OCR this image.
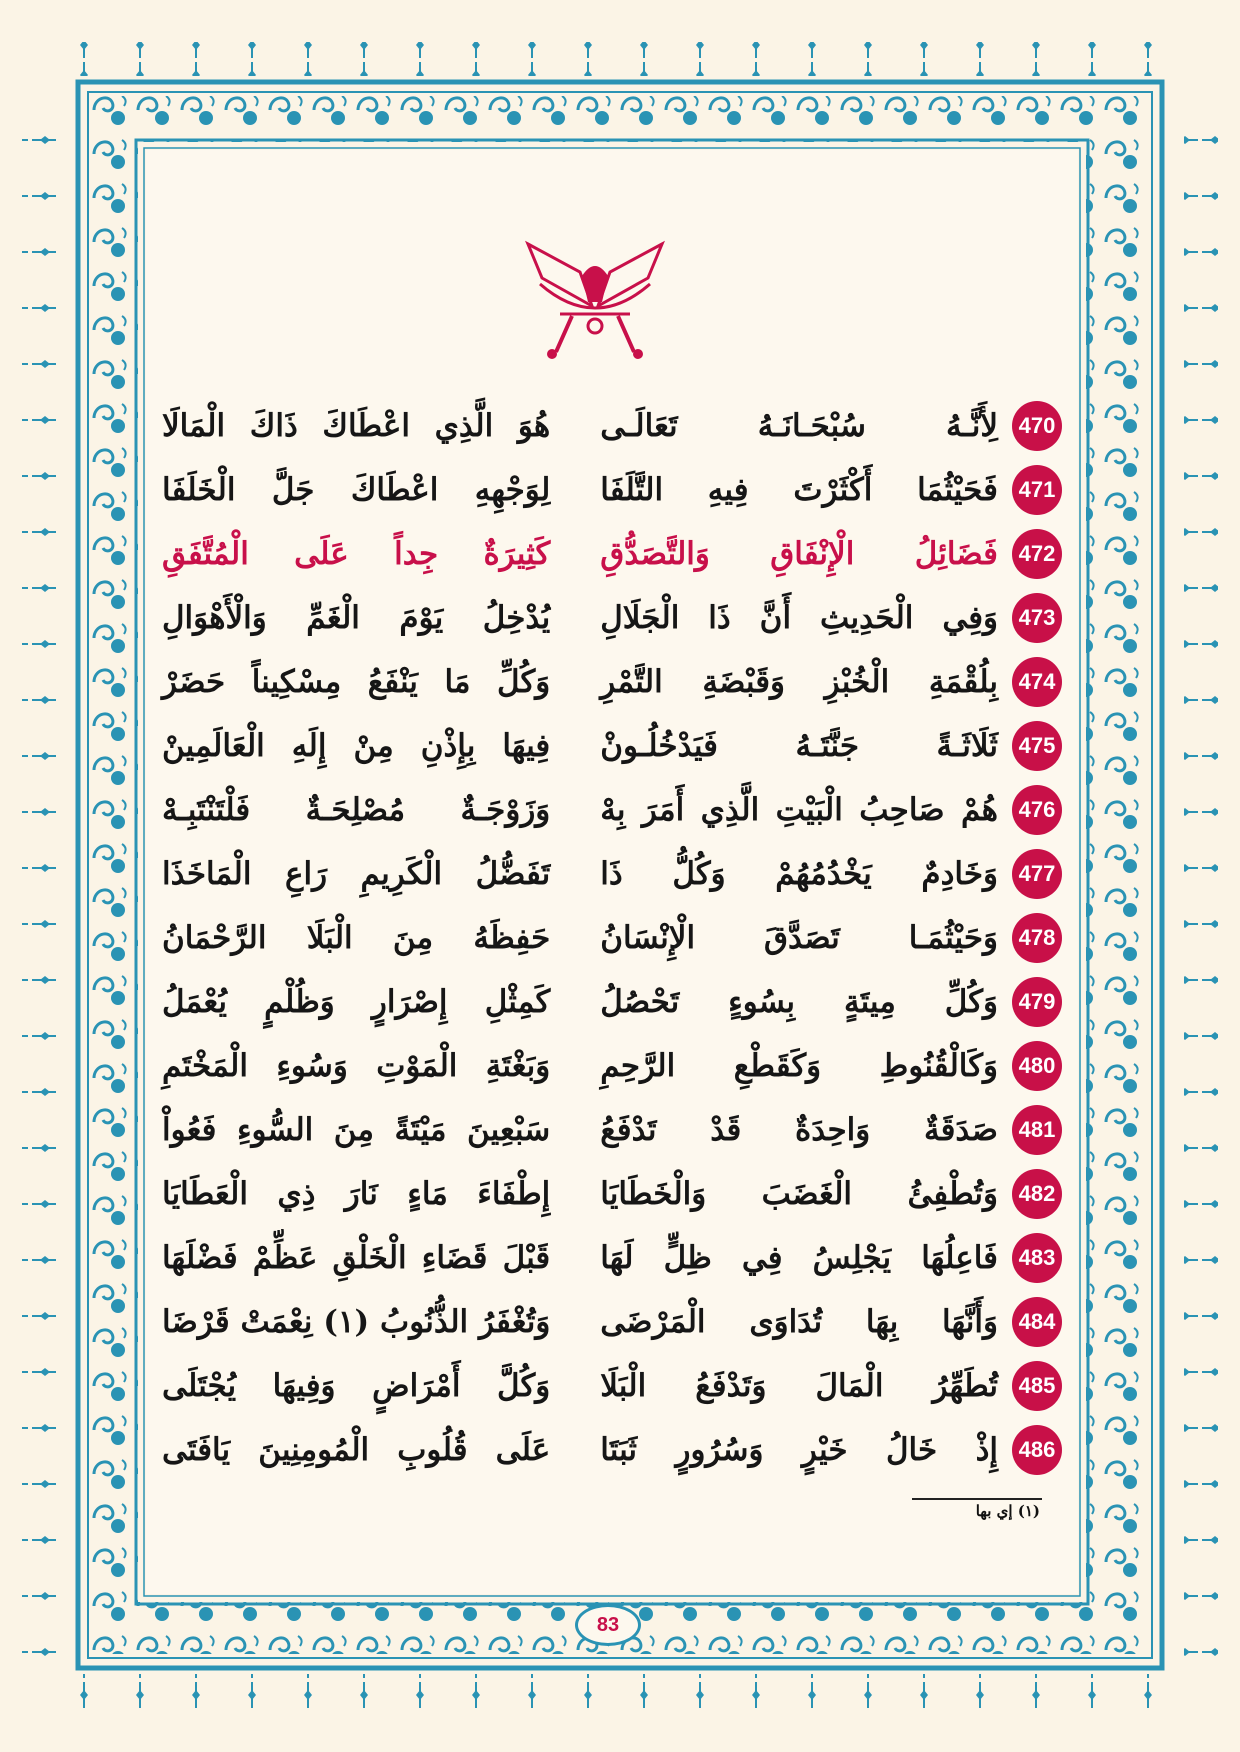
470
لِأَنَّـهُ سُبْحَـانَـهُ تَعَالَـى
هُوَ الَّذِي اعْطَاكَ ذَاكَ الْمَالَا
471
فَحَيْثُمَا أَكْثَرْتَ فِيهِ التَّلَفَا
لِوَجْهِهِ اعْطَاكَ جَلَّ الْخَلَفَا
472
فَضَائِلُ الْإِنْفَاقِ وَالتَّصَدُّقِ
كَثِيرَةٌ جِداً عَلَى الْمُتَّفَقِ
473
وَفِي الْحَدِيثِ أَنَّ ذَا الْجَلَالِ
يُدْخِلُ يَوْمَ الْغَمِّ وَالْأَهْوَالِ
474
بِلُقْمَةِ الْخُبْزِ وَقَبْضَةِ التَّمْرِ
وَكُلِّ مَا يَنْفَعُ مِسْكِيناً حَضَرْ
475
ثَلَاثَـةً جَنَّتَـهُ فَيَدْخُلُـونْ
فِيهَا بِإِذْنِ مِنْ إِلَهِ الْعَالَمِينْ
476
هُمْ صَاحِبُ الْبَيْتِ الَّذِي أَمَرَ بِهْ
وَزَوْجَـةٌ مُصْلِحَـةٌ فَلْتَنْتَبِـهْ
477
وَخَادِمٌ يَخْدُمُهُمْ وَكُلُّ ذَا
تَفَضُّلُ الْكَرِيمِ رَاعِ الْمَاخَذَا
478
وَحَيْثُمَـا تَصَدَّقَ الْإِنْسَانُ
حَفِظَهُ مِنَ الْبَلَا الرَّحْمَانُ
479
وَكُلِّ مِيتَةٍ بِسُوءٍ تَحْصُلُ
كَمِثْلِ إِصْرَارٍ وَظُلْمٍ يُعْمَلُ
480
وَكَالْقُنُوطِ وَكَقَطْعِ الرَّحِمِ
وَبَغْتَةِ الْمَوْتِ وَسُوءِ الْمَخْتَمِ
481
صَدَقَةٌ وَاحِدَةٌ قَدْ تَدْفَعُ
سَبْعِينَ مَيْتَةً مِنَ السُّوءِ فَعُواْ
482
وَتُطْفِئُ الْغَضَبَ وَالْخَطَايَا
إِطْفَاءَ مَاءٍ نَارَ ذِي الْعَطَايَا
483
فَاعِلُهَا يَجْلِسُ فِي ظِلٍّ لَهَا
قَبْلَ قَضَاءِ الْخَلْقِ عَظِّمْ فَضْلَهَا
484
وَأَنَّهَا بِهَا تُدَاوَى الْمَرْضَى
وَتُغْفَرُ الذُّنُوبُ (١) نِعْمَتْ قَرْضَا
485
تُطَهِّرُ الْمَالَ وَتَدْفَعُ الْبَلَا
وَكُلَّ أَمْرَاضٍ وَفِيهَا يُجْتَلَى
486
إِذْ خَالُ خَيْرٍ وَسُرُورٍ ثَبَتَا
عَلَى قُلُوبِ الْمُومِنِينَ يَافَتَى
(١) إي بها
83
